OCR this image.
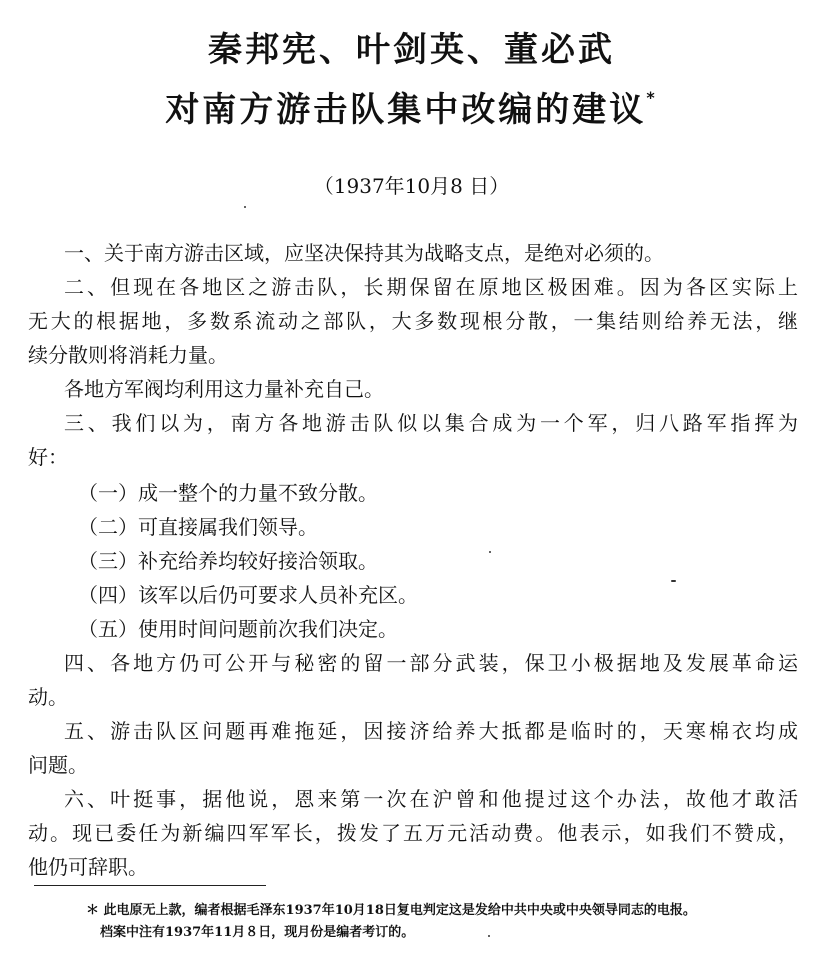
秦邦宪、叶剑英、董必武
对南方游击队集中改编的建议*
（1937年10月8 日）
一、关于南方游击区域，应坚决保持其为战略支点，是绝对必须的。
二、但现在各地区之游击队，长期保留在原地区极困难。因为各区实际上
无大的根据地，多数系流动之部队，大多数现根分散，一集结则给养无法，继
续分散则将消耗力量。
各地方军阀均利用这力量补充自己。
三、我们以为，南方各地游击队似以集合成为一个军，归八路军指挥为
好：
（一）成一整个的力量不致分散。
（二）可直接属我们领导。
（三）补充给养均较好接洽领取。
（四）该军以后仍可要求人员补充区。
（五）使用时间问题前次我们决定。
四、各地方仍可公开与秘密的留一部分武装，保卫小极据地及发展革命运
动。
五、游击队区问题再难拖延，因接济给养大抵都是临时的，天寒棉衣均成
问题。
六、叶挺事，据他说，恩来第一次在沪曾和他提过这个办法，故他才敢活
动。现已委任为新编四军军长，拨发了五万元活动费。他表示，如我们不赞成，
他仍可辞职。
＊ 此电原无上款，编者根据毛泽东1937年10月18日复电判定这是发给中共中央或中央领导同志的电报。
档案中注有1937年11月８日，现月份是编者考订的。
